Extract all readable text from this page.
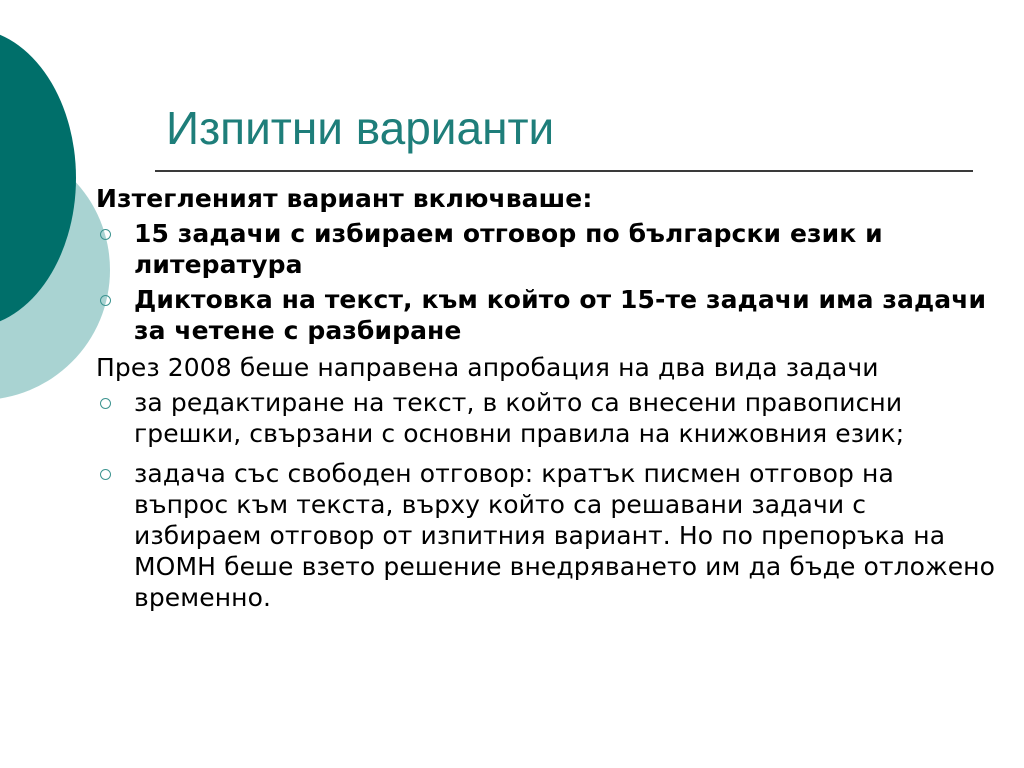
Изпитни варианти

Изтегленият вариант включваше:

15 задачи с избираем отговор по български език и литература
Диктовка на текст, към който от 15-те задачи има задачи за четене с разбиране

През 2008 беше направена апробация на два вида задачи

за редактиране на текст, в който са внесени правописни грешки, свързани с основни правила на книжовния език;
задача със свободен отговор: кратък писмен отговор на въпрос към текста, върху който са решавани задачи с избираем отговор от изпитния вариант. Но по препоръка на МОМН беше взето решение внедряването им да бъде отложено временно.
